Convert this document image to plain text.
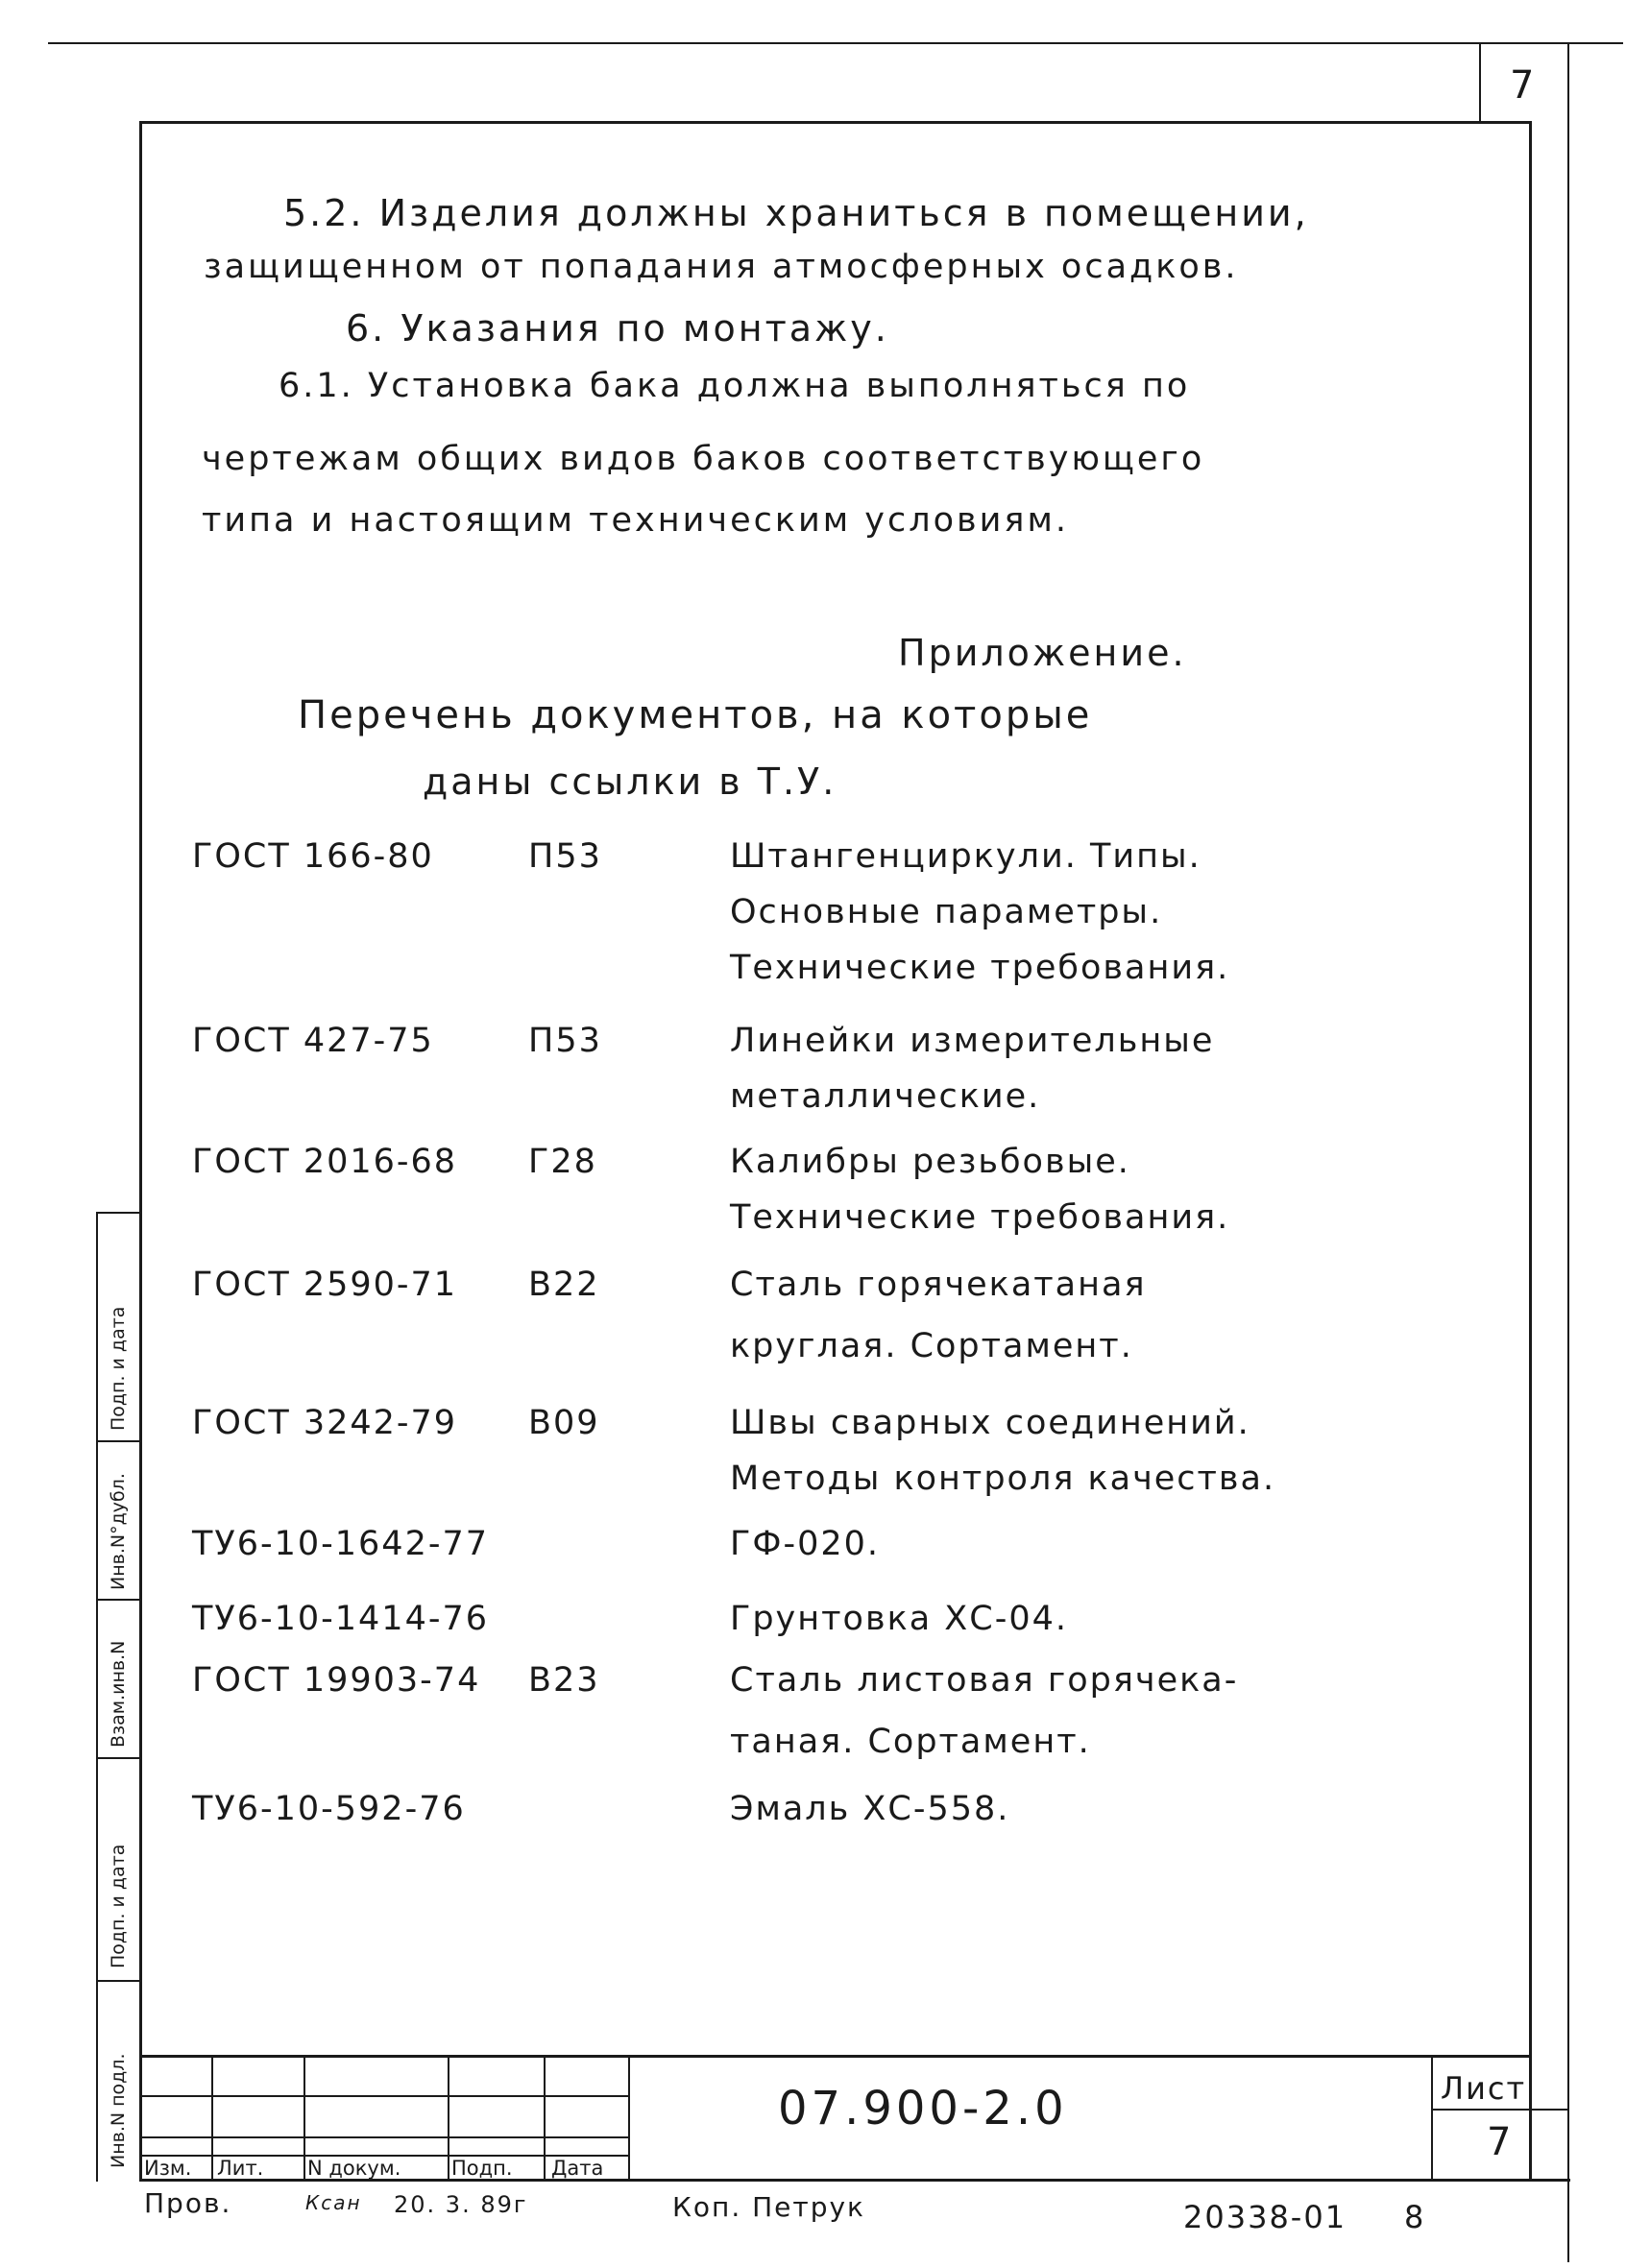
7
5.2. Изделия должны храниться в помещении,
защищенном от попадания атмосферных осадков.
6. Указания по монтажу.
6.1. Установка бака должна выполняться по
чертежам общих видов баков соответствующего
типа и настоящим техническим условиям.
Приложение.
Перечень документов, на которые
даны ссылки в Т.У.
ГОСТ 166-80	П53	Штангенциркули. Типы.
Основные параметры.
Технические требования.
ГОСТ 427-75	П53	Линейки измерительные
металлические.
ГОСТ 2016-68 Г28	Калибры резьбовые.
Технические требования.
ГОСТ 2590-71 В22	Сталь горячекатаная
круглая. Сортамент.
ГОСТ 3242-79 В09	Швы сварных соединений.
Методы контроля качества.
ТУ6-10-1642-77	ГФ-020.
ТУ6-10-1414-76	Грунтовка ХС-04.
ГОСТ 19903-74 В23	Сталь листовая горячека-
таная. Сортамент.
ТУ6-10-592-76	Эмаль ХС-558.
Инв.N подл.
Подп. и дата
Взам.инв.N
Инв.N°дубл.
Подп. и дата
Изм. Лит. N докум.	Подп. Дата
07.900-2.0	Лист
7
Пров.	Ксан 20. 3. 89г	Коп. Петрук	20338-01 8
